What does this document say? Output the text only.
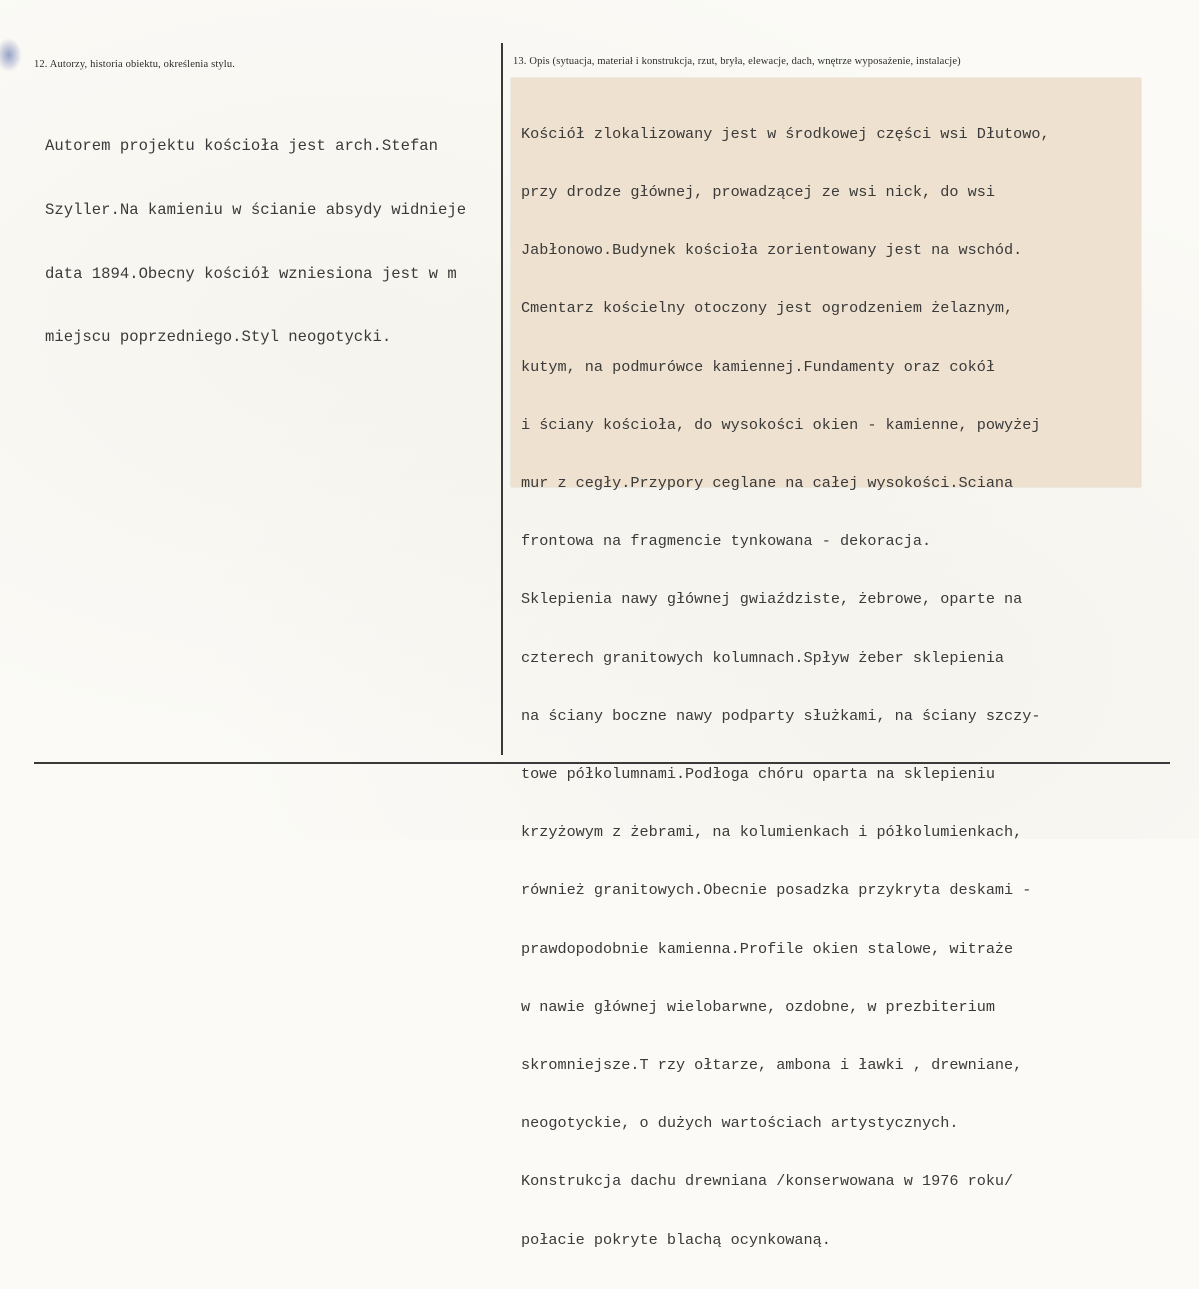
12. Autorzy, historia obiektu, określenia stylu.	13. Opis (sytuacja, materiał i konstrukcja, rzut, bryła, elewacje, dach, wnętrze wyposażenie, instalacje)

Autorem projektu kościoła jest arch.Stefan

Szyller.Na kamieniu w ścianie absydy widnieje

data 1894.Obecny kościół wzniesiona jest w m

miejscu poprzedniego.Styl neogotycki.

Kościół zlokalizowany jest w środkowej części wsi Dłutowo,

przy drodze głównej, prowadzącej ze wsi nick, do wsi

Jabłonowo.Budynek kościoła zorientowany jest na wschód.

Cmentarz kościelny otoczony jest ogrodzeniem żelaznym,

kutym, na podmurówce kamiennej.Fundamenty oraz cokół

i ściany kościoła, do wysokości okien - kamienne, powyżej

mur z cegły.Przypory ceglane na całej wysokości.Sciana

frontowa na fragmencie tynkowana - dekoracja.

Sklepienia nawy głównej gwiaździste, żebrowe, oparte na

czterech granitowych kolumnach.Spływ żeber sklepienia

na ściany boczne nawy podparty służkami, na ściany szczy-

towe półkolumnami.Podłoga chóru oparta na sklepieniu

krzyżowym z żebrami, na kolumienkach i półkolumienkach,

również granitowych.Obecnie posadzka przykryta deskami -

prawdopodobnie kamienna.Profile okien stalowe, witraże

w nawie głównej wielobarwne, ozdobne, w prezbiterium

skromniejsze.T rzy ołtarze, ambona i ławki , drewniane,

neogotyckie, o dużych wartościach artystycznych.

Konstrukcja dachu drewniana /konserwowana w 1976 roku/

połacie pokryte blachą ocynkowaną.
